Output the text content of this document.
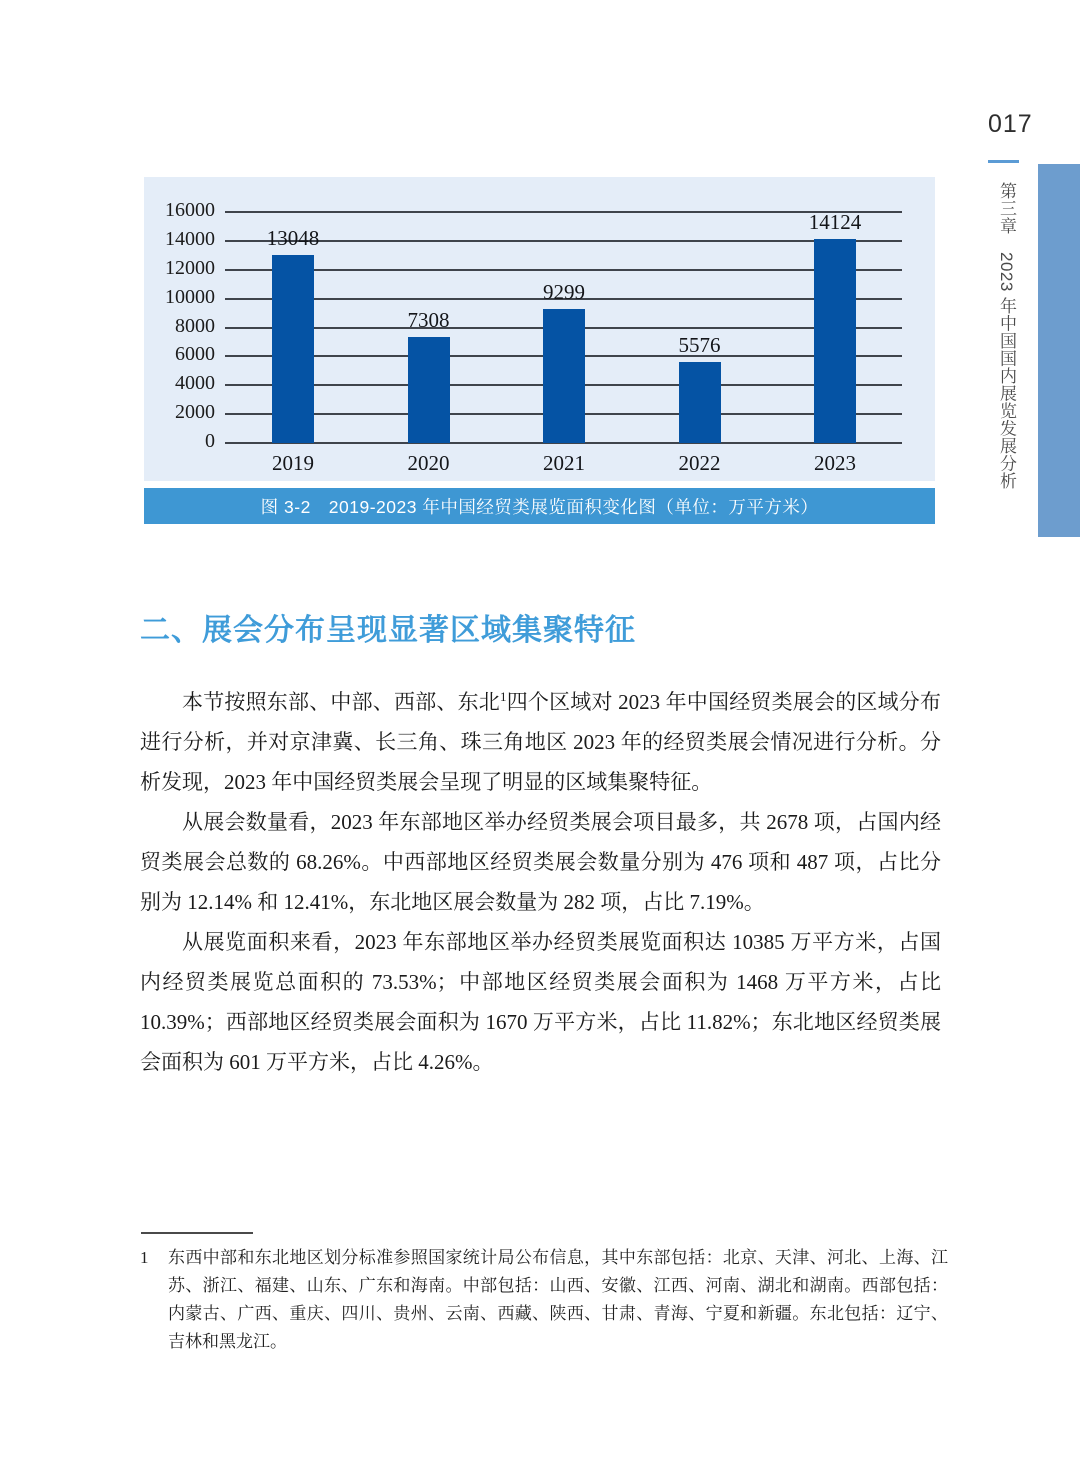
017
第三章　2023 年中国国内展览发展分析
0
2000
4000
6000
8000
10000
12000
14000
16000
13048
2019
7308
2020
9299
2021
5576
2022
14124
2023
图 3-2　2019-2023 年中国经贸类展览面积变化图（单位：万平方米）
二、展会分布呈现显著区域集聚特征

本节按照东部、中部、西部、东北$^1$四个区域对 2023 年中国经贸类展会的区域分布进行分析，并对京津冀、长三角、珠三角地区 2023 年的经贸类展会情况进行分析。分析发现，2023 年中国经贸类展会呈现了明显的区域集聚特征。

从展会数量看，2023 年东部地区举办经贸类展会项目最多，共 2678 项，占国内经贸类展会总数的 68.26%。中西部地区经贸类展会数量分别为 476 项和 487 项，占比分别为 12.14% 和 12.41%，东北地区展会数量为 282 项，占比 7.19%。

从展览面积来看，2023 年东部地区举办经贸类展览面积达 10385 万平方米，占国内经贸类展览总面积的 73.53%；中部地区经贸类展会面积为 1468 万平方米，占比 10.39%；西部地区经贸类展会面积为 1670 万平方米，占比 11.82%；东北地区经贸类展会面积为 601 万平方米，占比 4.26%。

1	东西中部和东北地区划分标准参照国家统计局公布信息，其中东部包括：北京、天津、河北、上海、江苏、浙江、福建、山东、广东和海南。中部包括：山西、安徽、江西、河南、湖北和湖南。西部包括：内蒙古、广西、重庆、四川、贵州、云南、西藏、陕西、甘肃、青海、宁夏和新疆。东北包括：辽宁、吉林和黑龙江。
